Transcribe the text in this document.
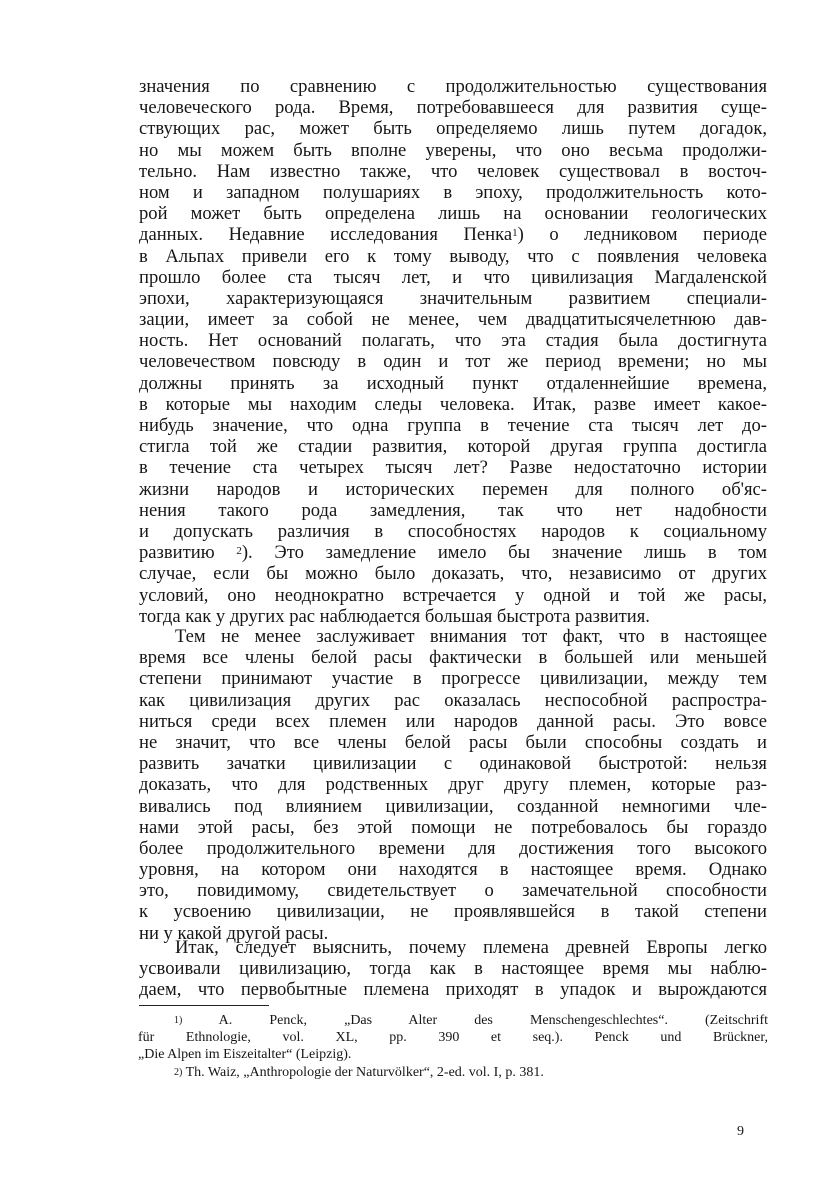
значения по сравнению с продолжительностью существования
человеческого рода. Время, потребовавшееся для развития суще-
ствующих рас, может быть определяемо лишь путем догадок,
но мы можем быть вполне уверены, что оно весьма продолжи-
тельно. Нам известно также, что человек существовал в восточ-
ном и западном полушариях в эпоху, продолжительность кото-
рой может быть определена лишь на основании геологических
данных. Недавние исследования Пенка$^1$) о ледниковом периоде
в Альпах привели его к тому выводу, что с появления человека
прошло более ста тысяч лет, и что цивилизация Магдаленской
эпохи, характеризующаяся значительным развитием специали-
зации, имеет за собой не менее, чем двадцатитысячелетнюю дав-
ность. Нет оснований полагать, что эта стадия была достигнута
человечеством повсюду в один и тот же период времени; но мы
должны принять за исходный пункт отдаленнейшие времена,
в которые мы находим следы человека. Итак, разве имеет какое-
нибудь значение, что одна группа в течение ста тысяч лет до-
стигла той же стадии развития, которой другая группа достигла
в течение ста четырех тысяч лет? Разве недостаточно истории
жизни народов и исторических перемен для полного об'яс-
нения такого рода замедления, так что нет надобности
и допускать различия в способностях народов к социальному
развитию $^2$). Это замедление имело бы значение лишь в том
случае, если бы можно было доказать, что, независимо от других
условий, оно неоднократно встречается у одной и той же расы,
тогда как у других рас наблюдается большая быстрота развития.
Тем не менее заслуживает внимания тот факт, что в настоящее
время все члены белой расы фактически в большей или меньшей
степени принимают участие в прогрессе цивилизации, между тем
как цивилизация других рас оказалась неспособной распростра-
ниться среди всех племен или народов данной расы. Это вовсе
не значит, что все члены белой расы были способны создать и
развить зачатки цивилизации с одинаковой быстротой: нельзя
доказать, что для родственных друг другу племен, которые раз-
вивались под влиянием цивилизации, созданной немногими чле-
нами этой расы, без этой помощи не потребовалось бы гораздо
более продолжительного времени для достижения того высокого
уровня, на котором они находятся в настоящее время. Однако
это, повидимому, свидетельствует о замечательной способности
к усвоению цивилизации, не проявлявшейся в такой степени
ни у какой другой расы.
Итак, следует выяснить, почему племена древней Европы легко
усвоивали цивилизацию, тогда как в настоящее время мы наблю-
даем, что первобытные племена приходят в упадок и вырождаются
$^{1)}$	A. Penck, „Das Alter des Menschengeschlechtes“. (Zeitschrift
für Ethnologie, vol. XL, pp. 390 et seq.). Penck und Brückner,
„Die Alpen im Eiszeitalter“ (Leipzig).
$^{2)}$ Th. Waiz, „Anthropologie der Naturvölker“, 2-ed. vol. I, p. 381.
9
